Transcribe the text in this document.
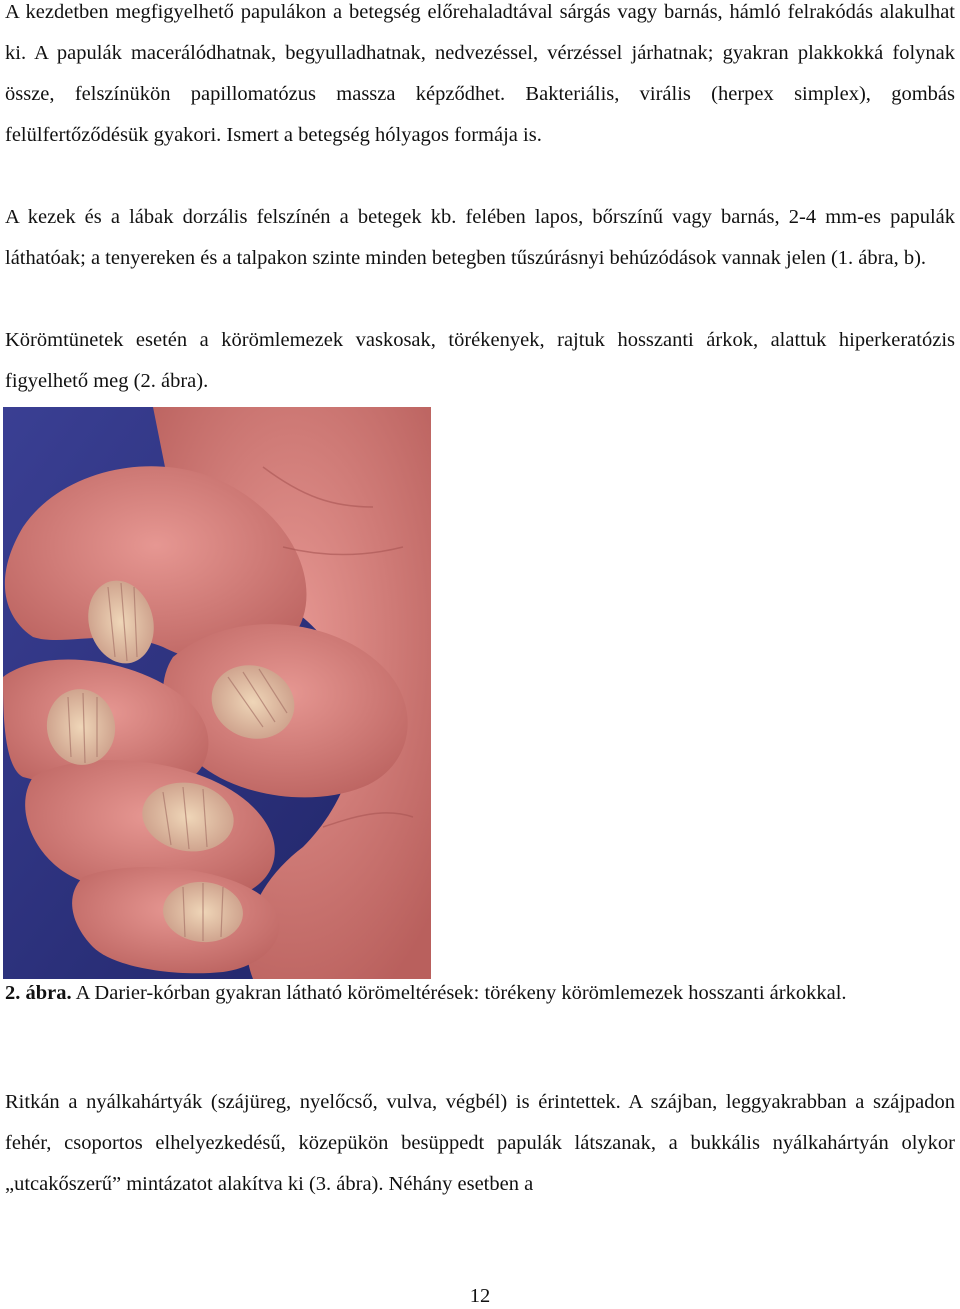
A kezdetben megfigyelhető papulákon a betegség előrehaladtával sárgás vagy barnás, hámló felrakódás alakulhat ki. A papulák macerálódhatnak, begyulladhatnak, nedvezéssel, vérzéssel járhatnak; gyakran plakkokká folynak össze, felszínükön papillomatózus massza képződhet. Bakteriális, virális (herpex simplex), gombás felülfertőződésük gyakori. Ismert a betegség hólyagos formája is.

A kezek és a lábak dorzális felszínén a betegek kb. felében lapos, bőrszínű vagy barnás, 2-4 mm-es papulák láthatóak; a tenyereken és a talpakon szinte minden betegben tűszúrásnyi behúzódások vannak jelen (1. ábra, b).

Körömtünetek esetén a körömlemezek vaskosak, törékenyek, rajtuk hosszanti árkok, alattuk hiperkeratózis figyelhető meg (2. ábra).

2. ábra. A Darier-kórban gyakran látható körömeltérések: törékeny körömlemezek hosszanti árkokkal.

Ritkán a nyálkahártyák (szájüreg, nyelőcső, vulva, végbél) is érintettek. A szájban, leggyakrabban a szájpadon fehér, csoportos elhelyezkedésű, közepükön besüppedt papulák látszanak, a bukkális nyálkahártyán olykor „utcakőszerű” mintázatot alakítva ki (3. ábra). Néhány esetben a

12
